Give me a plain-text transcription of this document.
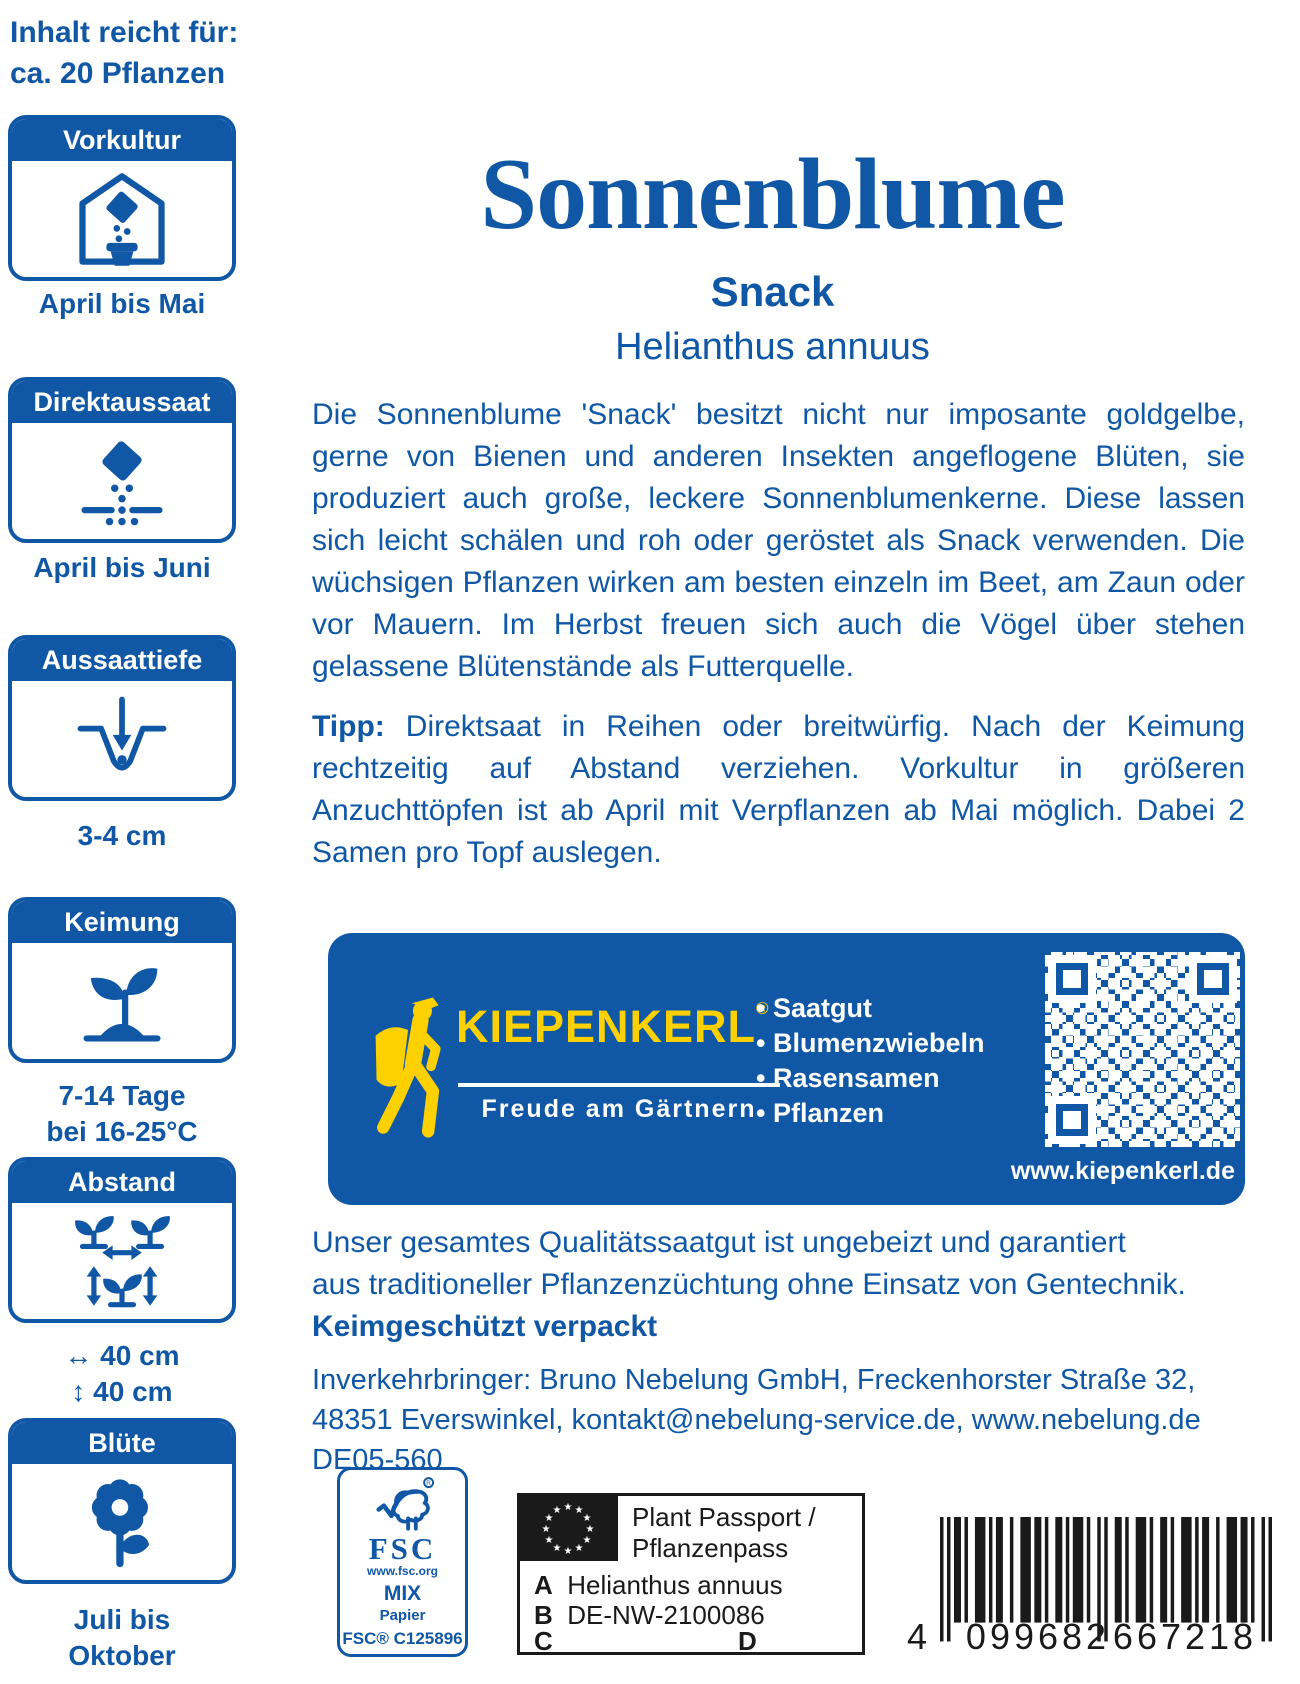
Inhalt reicht für:
ca. 20 Pflanzen
Vorkultur
April bis Mai
Direktaussaat
April bis Juni
Aussaattiefe
3-4 cm
Keimung
7-14 Tage
bei 16-25°C
Abstand
↔ 40 cm
↕ 40 cm
Blüte
Juli bis
Oktober
Sonnenblume
Snack
Helianthus annuus

Die Sonnenblume 'Snack' besitzt nicht nur imposante goldgelbe, gerne von Bienen und anderen Insekten angeflogene Blüten, sie produziert auch große, leckere Sonnenblumenkerne. Diese lassen sich leicht schälen und roh oder geröstet als Snack verwenden. Die wüchsigen Pflanzen wirken am besten einzeln im Beet, am Zaun oder vor Mauern. Im Herbst freuen sich auch die Vögel über stehen gelassene Blütenstände als Futterquelle.

Tipp: Direktsaat in Reihen oder breitwürfig. Nach der Keimung rechtzeitig auf Abstand verziehen. Vorkultur in größeren Anzuchttöpfen ist ab April mit Verpflanzen ab Mai möglich. Dabei 2 Samen pro Topf auslegen.

KIEPENKERL®
Freude am Gärtnern
• Saatgut
• Blumenzwiebeln
• Rasensamen
• Pflanzen
www.kiepenkerl.de
Unser gesamtes Qualitätssaatgut ist ungebeizt und garantiert
aus traditioneller Pflanzenzüchtung ohne Einsatz von Gentechnik.
Keimgeschützt verpackt
Inverkehrbringer: Bruno Nebelung GmbH, Freckenhorster Straße 32,
48351 Everswinkel, kontakt@nebelung-service.de, www.nebelung.de
DE05-560
R
FSC
www.fsc.org
MIX
Papier
FSC® C125896
★ ★
★
★
★
★
★
★
★
★
★
★	Plant Passport /
Pflanzenpass
A Helianthus annuus
B DE-NW-2100086
C	D	4 099682 667218
